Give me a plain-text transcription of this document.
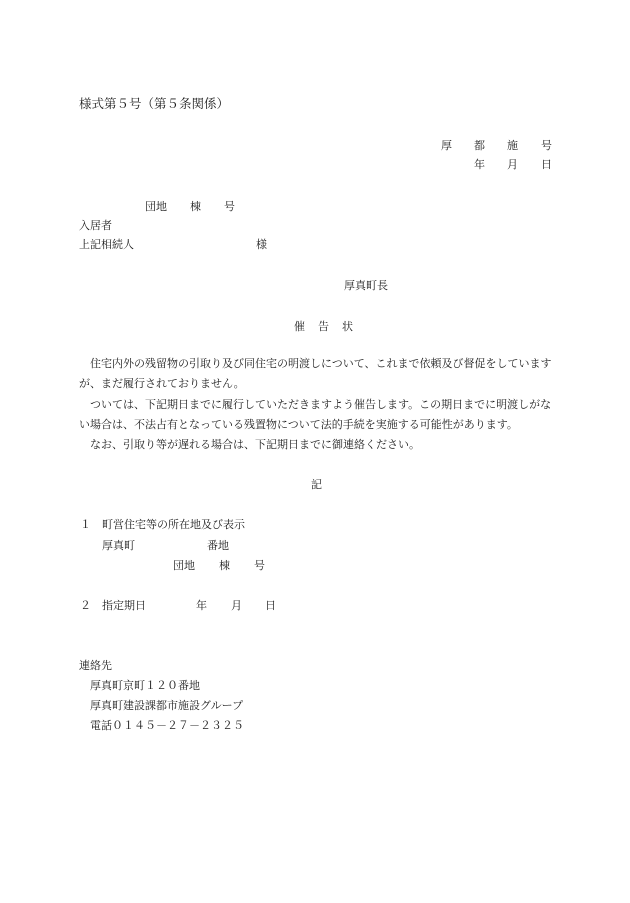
様式第５号（第５条関係）
厚 都 施 号
年 月 日
団地 棟 号
入居者
上記相続人	様
厚真町長
催 告 状
住宅内外の残留物の引取り及び同住宅の明渡しについて、これまで依頼及び督促をしています
が、まだ履行されておりません。
ついては、下記期日までに履行していただきますよう催告します。この期日までに明渡しがな
い場合は、不法占有となっている残置物について法的手続を実施する可能性があります。
なお、引取り等が遅れる場合は、下記期日までに御連絡ください。
記
１ 町営住宅等の所在地及び表示
厚真町	番地
団地 棟 号
２ 指定期日	年 月 日
連絡先
厚真町京町１２０番地
厚真町建設課都市施設グループ
電話０１４５－２７－２３２５
